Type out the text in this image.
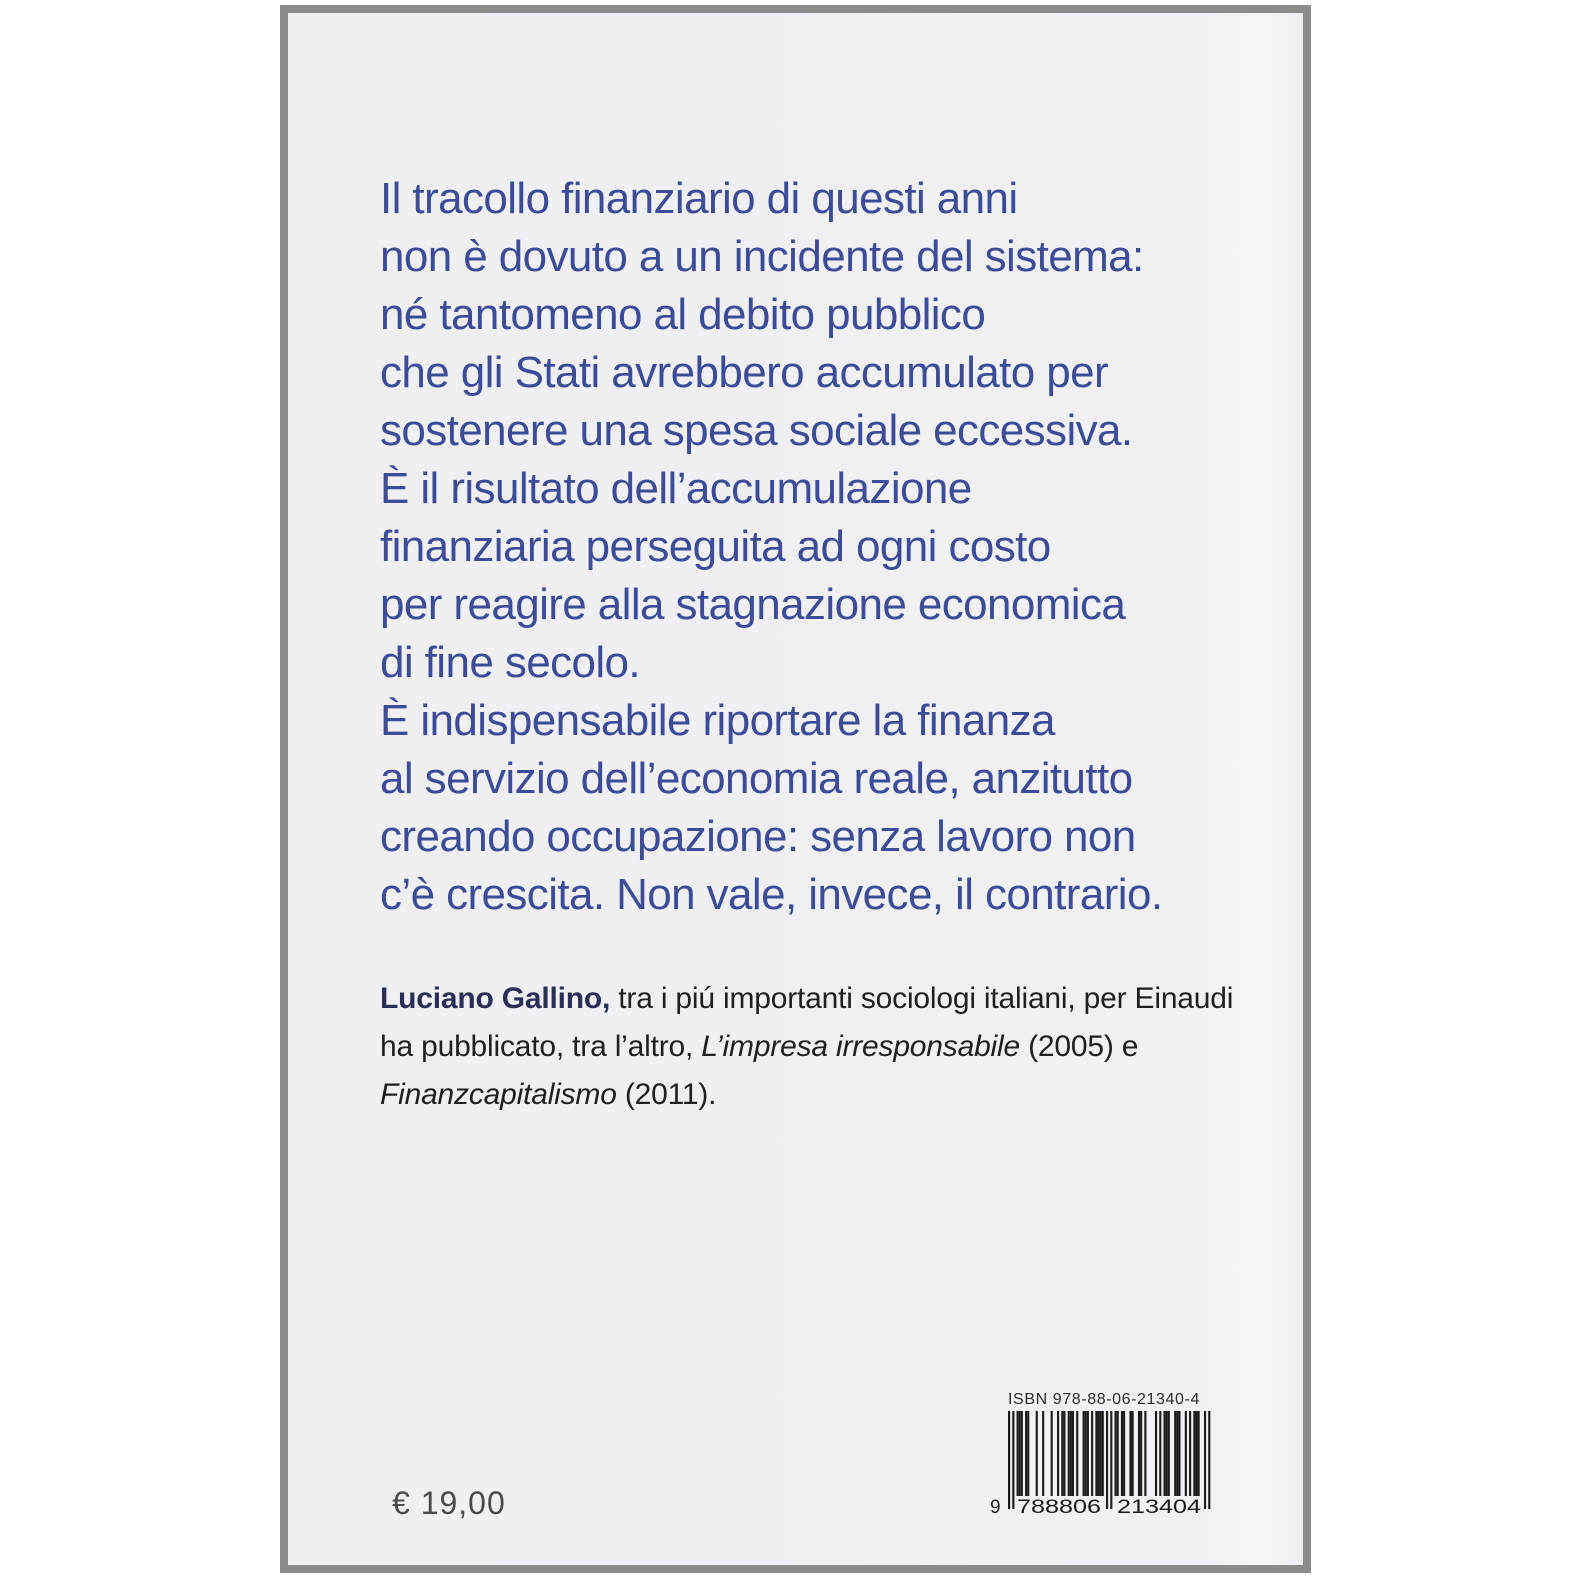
Il tracollo finanziario di questi anni
non è dovuto a un incidente del sistema:
né tantomeno al debito pubblico
che gli Stati avrebbero accumulato per
sostenere una spesa sociale eccessiva.
È il risultato dell’accumulazione
finanziaria perseguita ad ogni costo
per reagire alla stagnazione economica
di fine secolo.
È indispensabile riportare la finanza
al servizio dell’economia reale, anzitutto
creando occupazione: senza lavoro non
c’è crescita. Non vale, invece, il contrario.
Luciano Gallino, tra i piú importanti sociologi italiani, per Einaudi ha pubblicato, tra l’altro, L’impresa irresponsabile (2005) e Finanzcapitalismo (2011).
€ 19,00
ISBN 978-88-06-21340-4
9 788806 213404
